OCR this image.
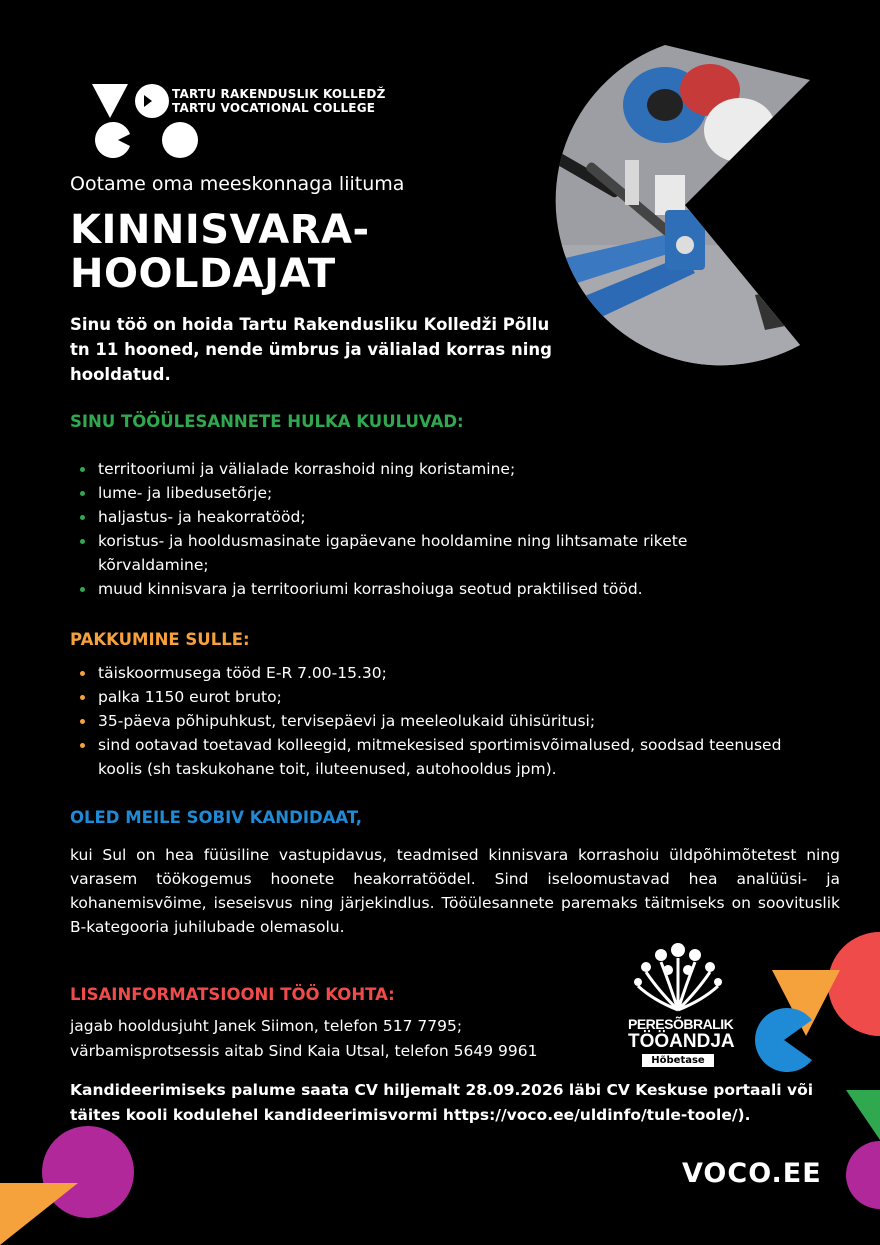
TARTU RAKENDUSLIK KOLLEDŽ
TARTU VOCATIONAL COLLEGE
Ootame oma meeskonnaga liituma
KINNISVARA-
HOOLDAJAT
Sinu töö on hoida Tartu Rakendusliku Kolledži Põllu tn 11 hooned, nende ümbrus ja välialad korras ning hooldatud.
SINU TÖÖÜLESANNETE HULKA KUULUVAD:
territooriumi ja välialade korrashoid ning koristamine;
lume- ja libedusetõrje;
haljastus- ja heakorratööd;
koristus- ja hooldusmasinate igapäevane hooldamine ning lihtsamate rikete kõrvaldamine;
muud kinnisvara ja territooriumi korrashoiuga seotud praktilised tööd.
PAKKUMINE SULLE:
täiskoormusega tööd E-R 7.00-15.30;
palka 1150 eurot bruto;
35-päeva põhipuhkust, tervisepäevi ja meeleolukaid ühisüritusi;
sind ootavad toetavad kolleegid, mitmekesised sportimisvõimalused, soodsad teenused koolis (sh taskukohane toit, iluteenused, autohooldus jpm).
OLED MEILE SOBIV KANDIDAAT,
kui Sul on hea füüsiline vastupidavus, teadmised kinnisvara korrashoiu üldpõhimõtetest ning varasem töökogemus hoonete heakorratöödel. Sind iseloomustavad hea analüüsi- ja kohanemisvõime, iseseisvus ning järjekindlus. Tööülesannete paremaks täitmiseks on soovituslik B-kategooria juhilubade olemasolu.
LISAINFORMATSIOONI TÖÖ KOHTA:
jagab hooldusjuht Janek Siimon, telefon 517 7795;
värbamisprotsessis aitab Sind Kaia Utsal, telefon 5649 9961
PERESÕBRALIK
TÖÖANDJA
Hõbetase
Kandideerimiseks palume saata CV hiljemalt 28.09.2026 läbi CV Keskuse portaali või täites kooli kodulehel kandideerimisvormi https://voco.ee/uldinfo/tule-toole/).
VOCO.EE
